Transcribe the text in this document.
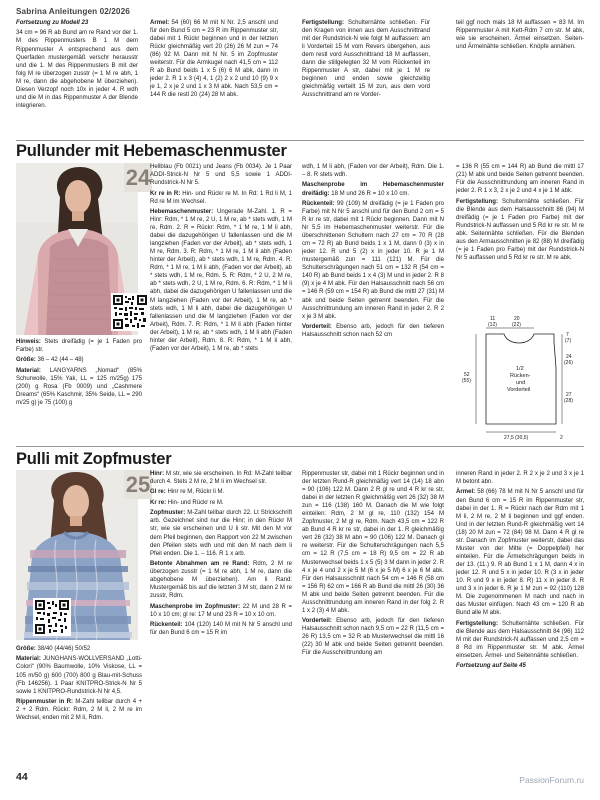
Sabrina Anleitungen 02/2026

Fortsetzung zu Modell 23

34 cm = 96 R ab Bund am re Rand vor der 1. M des Rippenmusters B 1 M dem Rippenmuster A entsprechend aus dem Querfaden mustergemäß verschr herausstr und die 1. M des Rippenmusters B mit der folg M re überzogen zusstr (= 1 M re abh, 1 M re, dann die abgehobene M überziehen). Diesen Verzopf noch 10x in jeder 4. R wdh und die M in das Rippenmuster A der Blende integrieren.

Ärmel: 54 (60) 66 M mit N Nr. 2,5 anschl und für den Bund 5 cm = 23 R im Rippenmuster str, dabei mit 1 Rückr beginnen und in der letzten Rückr gleichmäßig vert 20 (26) 26 M zun = 74 (86) 92 M. Dann mit N Nr. 5 im Zopfmuster weiterstr. Für die Armkugel nach 41,5 cm = 112 R ab Bund beids 1 x 5 (6) 6 M abk, dann in jeder 2. R 1 x 3 (4) 4, 1 (2) 2 x 2 und 10 (9) 9 x je 1, 2 x je 2 und 1 x 3 M abk. Nach 53,5 cm = 144 R die restl 20 (24) 28 M abk.

Fertigstellung: Schulternähte schließen. Für den Kragen von innen aus dem Ausschnittrand mit der Rundstrick-N wie folgt M auffassen: am li Vorderteil 15 M vom Revers übergehen, aus dem restl vord Ausschnittrand 18 M auffassen, dann die stillgelegten 32 M vom Rückenteil im Rippenmuster A str, dabei mit je 1 M re beginnen und enden sowie gleichzeitig gleichmäßig verteilt 15 M zun, aus dem vord Ausschnittrand am re Vorder-

teil ggf noch mals 18 M auffassen = 83 M. Im Rippenmuster A mit Kett-Rdm 7 cm str. M abk, wie sie erscheinen. Ärmel einsetzen. Seiten- und Ärmelnähte schließen. Knöpfe annähen.

Pullunder mit Hebemaschenmuster
24

Hinweis: Stets dreifädig (= je 1 Faden pro Farbe) str.

Größe: 36 – 42 (44 – 48)

Material: LANGYARNS „Nomad“ (85% Schurwolle, 15% Yak, LL = 125 m/25g) 175 (200) g Rosa (Fb 0009) und „Cashmere Dreams“ (65% Kaschmir, 35% Seide, LL = 290 m/25 g) je 75 (100) g

Hellblau (Fb 0021) und Jeans (Fb 0034). Je 1 Paar ADDI-Strick-N Nr 5 und 5,5 sowie 1 ADDI-Rundstrick-N Nr 5.

Kr re in R: Hin- und Rückr re M. In Rd: 1 Rd li M, 1 Rd re M im Wechsel.

Hebemaschenmuster: Ungerade M-Zahl. 1. R = Hinr: Rdm, * 1 M re, 2 U, 1 M re, ab * stets wdh, 1 M re, Rdm. 2. R = Rückr: Rdm, * 1 M re, 1 M li abh, dabei die dazugehörigen U fallenlassen und die M langziehen (Faden vor der Arbeit), ab * stets wdh, 1 M re, Rdm. 3. R: Rdm, * 1 M re, 1 M li abh (Faden hinter der Arbeit), ab * stets wdh, 1 M re, Rdm. 4. R: Rdm, * 1 M re, 1 M li abh, (Faden vor der Arbeit), ab * stets wdh, 1 M re, Rdm. 5. R: Rdm, * 2 U, 2 M re, ab * stets wdh, 2 U, 1 M re, Rdm. 6. R: Rdm, * 1 M li abh, dabei die dazugehörigen U fallenlassen und die M langziehen (Faden vor der Arbeit), 1 M re, ab * stets wdh, 1 M li abh, dabei die dazugehörigen U fallenlassen und die M langziehen (Faden vor der Arbeit), Rdm. 7. R: Rdm, * 1 M li abh (Faden hinter der Arbeit), 1 M re, ab * stets wdh, 1 M li abh (Faden hinter der Arbeit), Rdm. 8. R: Rdm, * 1 M li abh, (Faden vor der Arbeit), 1 M re, ab * stets

wdh, 1 M li abh, (Faden vor der Arbeit), Rdm. Die 1. – 8. R stets wdh.

Maschenprobe im Hebemaschenmuster dreifädig: 18 M und 26 R = 10 x 10 cm.

Rückenteil: 99 (109) M dreifädig (= je 1 Faden pro Farbe) mit N Nr 5 anschl und für den Bund 2 cm = 5 R kr re str, dabei mit 1 Rückr beginnen. Dann mit N Nr 5,5 im Hebemaschenmuster weiterstr. Für die überschnittenen Schultern nach 27 cm = 70 R (28 cm = 72 R) ab Bund beids 1 x 1 M, dann 0 (3) x in jeder 12. R und 5 (2) x in jeder 10. R je 1 M mustergemäß zun = 111 (121) M. Für die Schulterschrägungen nach 51 cm = 132 R (54 cm = 140 R) ab Bund beids 1 x 4 (3) M und in jeder 2. R 8 (9) x je 4 M abk. Für den Halsausschnitt nach 56 cm = 146 R (59 cm = 154 R) ab Bund die mittl 27 (31) M abk und beide Seiten getrennt beenden. Für die Ausschnittrundung am inneren Rand in jeder 2. R 2 x je 3 M abk.

Vorderteil: Ebenso arb, jedoch für den tieferen Halsausschnitt schon nach 52 cm

= 136 R (55 cm = 144 R) ab Bund die mittl 17 (21) M abk und beide Seiten getrennt beenden. Für die Ausschnittrundung am inneren Rand in jeder 2. R 1 x 3, 2 x je 2 und 4 x je 1 M abk.

Fertigstellung: Schulternähte schließen. Für die Blende aus dem Halsausschnitt 86 (94) M dreifädig (= je 1 Faden pro Farbe) mit der Rundstrick-N auffassen und 5 Rd kr re str. M re abk. Seitennähte schließen. Für die Blenden aus den Armausschnitten je 82 (88) M dreifädig (= je 1 Faden pro Farbe) mit der Rundstrick-N Nr 5 auffassen und 5 Rd kr re str. M re abk.

11
(12)
20
(22)
7
(7)
24
(26)
27
(28)
52
(55)
1/2
Rücken-
und
Vorderteil
27,5 (30,5)	2
Pulli mit Zopfmuster
25

Größe: 38/40 (44/46) 50/52

Material: JUNGHANS-WOLLVERSAND „Lotti-Colori“ (90% Baumwolle, 10% Viskose, LL = 105 m/50 g) 600 (700) 800 g Blau-mit-Schuss (Fb 146256). 1 Paar KNITPRO-Strick-N Nr 5 sowie 1 KNITPRO-Rundstrick-N Nr 4,5.

Rippenmuster in R: M-Zahl teilbar durch 4 + 2 + 2 Rdm. Rückr: Rdm, 2 M li, 2 M re im Wechsel, enden mit 2 M li, Rdm.

Hinr: M str, wie sie erscheinen. In Rd: M-Zahl teilbar durch 4. Stets 2 M re, 2 M li im Wechsel str.

Gl re: Hinr re M, Rückr li M.

Kr re: Hin- und Rückr re M.

Zopfmuster: M-Zahl teilbar durch 22. Lt Strickschrift arb. Gezeichnet sind nur die Hinr; in den Rückr M str, wie sie erscheinen und U li str. Mit den M vor dem Pfeil beginnen, den Rapport von 22 M zwischen den Pfeilen stets wdh und mit den M nach dem li Pfeil enden. Die 1. – 116. R 1 x arb.

Betonte Abnahmen am re Rand: Rdm, 2 M re überzogen zusstr (= 1 M re abh, 1 M re, dann die abgehobene M überziehen). Am li Rand: Mustergemäß bis auf die letzten 3 M str, dann 2 M re zusstr, Rdm.

Maschenprobe im Zopfmuster: 22 M und 28 R = 10 x 10 cm; gl re: 17 M und 23 R = 10 x 10 cm.

Rückenteil: 104 (120) 140 M mit N Nr 5 anschl und für den Bund 6 cm = 15 R im

Rippenmuster str, dabei mit 1 Rückr beginnen und in der letzten Rund-R gleichmäßig vert 14 (14) 18 abn = 90 (106) 122 M. Dann 2 R gl re und 4 R kr re str, dabei in der letzten R gleichmäßig vert 26 (32) 38 M zun = 116 (138) 160 M. Danach die M wie folgt einteilen: Rdm, 2 M gl re, 110 (132) 154 M Zopfmuster, 2 M gl re, Rdm. Nach 43,5 cm = 122 R ab Bund 4 R kr re str, dabei in der 1. R gleichmäßig vert 26 (32) 38 M abn = 90 (106) 122 M. Danach gl re weiterstr. Für die Schulterschrägungen nach 5,5 cm = 12 R (7,5 cm = 18 R) 9,5 cm = 22 R ab Musterwechsel beids 1 x 5 (5) 3 M dann in jeder 2. R 4 x je 4 und 2 x je 5 M (6 x je 5 M) 6 x je 6 M abk. Für den Halsausschnitt nach 54 cm = 146 R (58 cm = 156 R) 62 cm = 166 R ab Bund die mittl 26 (30) 36 M abk und beide Seiten getrennt beenden. Für die Ausschnittrundung am inneren Rand in der folg 2. R 1 x 2 (3) 4 M abk.

Vorderteil: Ebenso arb, jedoch für den tieferen Halsausschnitt schon nach 9,5 cm = 22 R (11,5 cm = 26 R) 13,5 cm = 32 R ab Musterwechsel die mittl 16 (22) 30 M abk und beide Seiten getrennt beenden. Für die Ausschnittrundung am

inneren Rand in jeder 2. R 2 x je 2 und 3 x je 1 M betont abn.

Ärmel: 58 (66) 78 M mit N Nr 5 anschl und für den Bund 6 cm = 15 R im Rippenmuster str, dabei in der 1. R = Rückr nach der Rdm mit 1 M li, 2 M re, 2 M li beginnen und ggf enden. Und in der letzten Rund-R gleichmäßig vert 14 (18) 20 M zun = 72 (84) 98 M. Dann 4 R gl re str. Danach im Zopfmuster weiterstr, dabei das Muster von der Mitte (= Doppelpfeil) her einteilen. Für die Ärmelschrägungen beids in der 13. (11.) 9. R ab Bund 1 x 1 M, dann 4 x in jeder 12. R und 5 x in jeder 10. R (3 x in jeder 10. R und 9 x in jeder 8. R) 11 x in jeder 8. R und 3 x in jeder 6. R je 1 M zun = 92 (110) 128 M. Die zugenommenen M nach und nach in das Muster einfügen. Nach 43 cm = 120 R ab Bund alle M abk.

Fertigstellung: Schulternähte schließen. Für die Blende aus dem Halsausschnitt 84 (96) 112 M mit der Rundstrick-N auffassen und 2,5 cm = 8 Rd im Rippenmuster str. M abk. Ärmel einsetzen. Ärmel- und Seitennähte schließen.

Fortsetzung auf Seite 45

44	PassionForum.ru
